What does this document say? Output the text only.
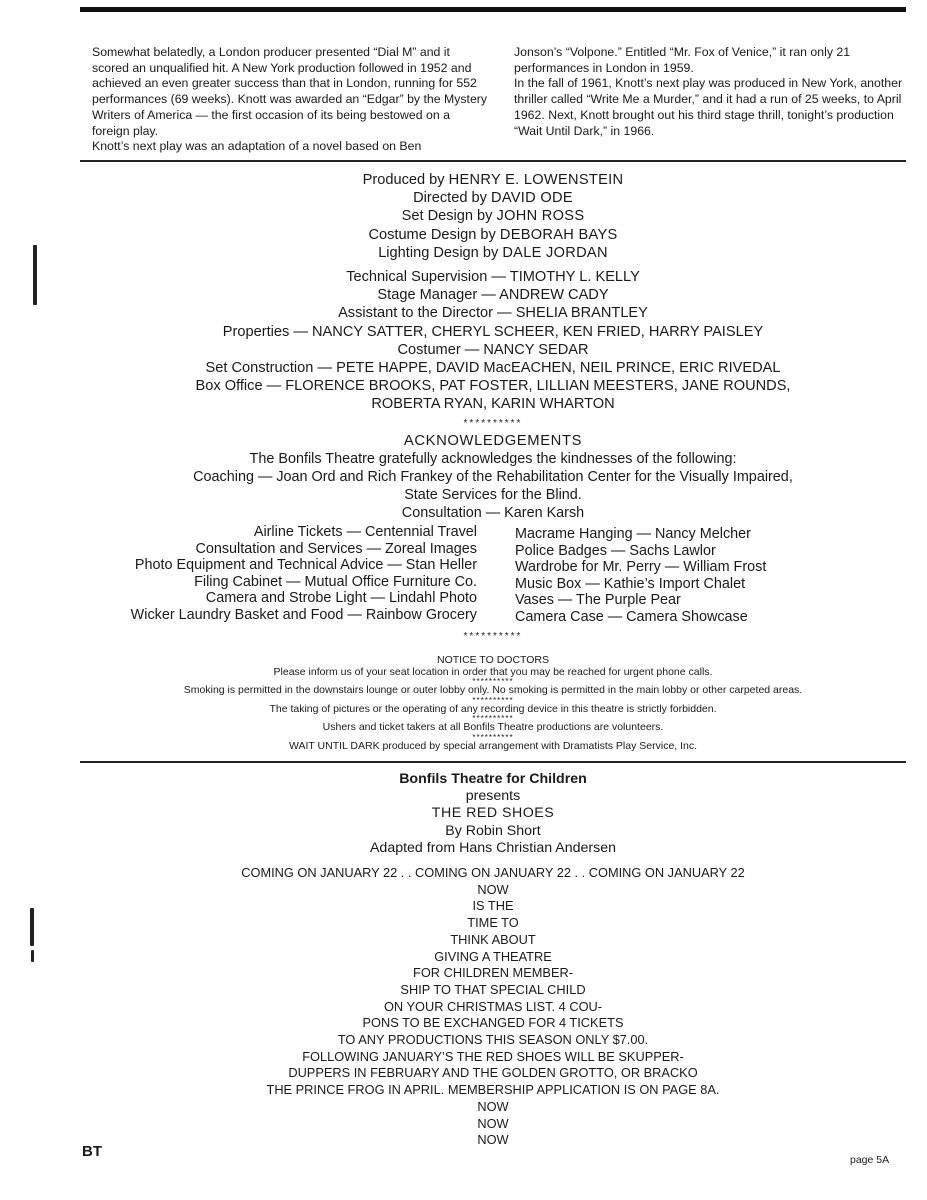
Somewhat belatedly, a London producer presented “Dial M” and it scored an unqualified hit. A New York production followed in 1952 and achieved an even greater success than that in London, running for 552 performances (69 weeks). Knott was awarded an “Edgar” by the Mystery Writers of America — the first occasion of its being bestowed on a foreign play.

Knott’s next play was an adaptation of a novel based on Ben

Jonson’s “Volpone.” Entitled “Mr. Fox of Venice,” it ran only 21 performances in London in 1959.

In the fall of 1961, Knott’s next play was produced in New York, another thriller called “Write Me a Murder,” and it had a run of 25 weeks, to April 1962. Next, Knott brought out his third stage thrill, tonight’s production “Wait Until Dark,” in 1966.

Produced by HENRY E. LOWENSTEIN
Directed by DAVID ODE
Set Design by JOHN ROSS
Costume Design by DEBORAH BAYS
Lighting Design by DALE JORDAN
Technical Supervision — TIMOTHY L. KELLY
Stage Manager — ANDREW CADY
Assistant to the Director — SHELIA BRANTLEY
Properties — NANCY SATTER, CHERYL SCHEER, KEN FRIED, HARRY PAISLEY
Costumer — NANCY SEDAR
Set Construction — PETE HAPPE, DAVID MacEACHEN, NEIL PRINCE, ERIC RIVEDAL
Box Office — FLORENCE BROOKS, PAT FOSTER, LILLIAN MEESTERS, JANE ROUNDS,
ROBERTA RYAN, KARIN WHARTON
**********
ACKNOWLEDGEMENTS
The Bonfils Theatre gratefully acknowledges the kindnesses of the following:
Coaching — Joan Ord and Rich Frankey of the Rehabilitation Center for the Visually Impaired,
State Services for the Blind.
Consultation — Karen Karsh
Airline Tickets — Centennial Travel
Consultation and Services — Zoreal Images
Photo Equipment and Technical Advice — Stan Heller
Filing Cabinet — Mutual Office Furniture Co.
Camera and Strobe Light — Lindahl Photo
Wicker Laundry Basket and Food — Rainbow Grocery
Macrame Hanging — Nancy Melcher
Police Badges — Sachs Lawlor
Wardrobe for Mr. Perry — William Frost
Music Box — Kathie’s Import Chalet
Vases — The Purple Pear
Camera Case — Camera Showcase
**********
NOTICE TO DOCTORS
Please inform us of your seat location in order that you may be reached for urgent phone calls.
**********
Smoking is permitted in the downstairs lounge or outer lobby only. No smoking is permitted in the main lobby or other carpeted areas.
**********
The taking of pictures or the operating of any recording device in this theatre is strictly forbidden.
**********
Ushers and ticket takers at all Bonfils Theatre productions are volunteers.
**********
WAIT UNTIL DARK produced by special arrangement with Dramatists Play Service, Inc.
Bonfils Theatre for Children
presents
THE RED SHOES
By Robin Short
Adapted from Hans Christian Andersen
COMING ON JANUARY 22 . . COMING ON JANUARY 22 . . COMING ON JANUARY 22
NOW
IS THE
TIME TO
THINK ABOUT
GIVING A THEATRE
FOR CHILDREN MEMBER-
SHIP TO THAT SPECIAL CHILD
ON YOUR CHRISTMAS LIST. 4 COU-
PONS TO BE EXCHANGED FOR 4 TICKETS
TO ANY PRODUCTIONS THIS SEASON ONLY $7.00.
FOLLOWING JANUARY’S THE RED SHOES WILL BE SKUPPER-
DUPPERS IN FEBRUARY AND THE GOLDEN GROTTO, OR BRACKO
THE PRINCE FROG IN APRIL. MEMBERSHIP APPLICATION IS ON PAGE 8A.
NOW
NOW
NOW
BT	page 5A
